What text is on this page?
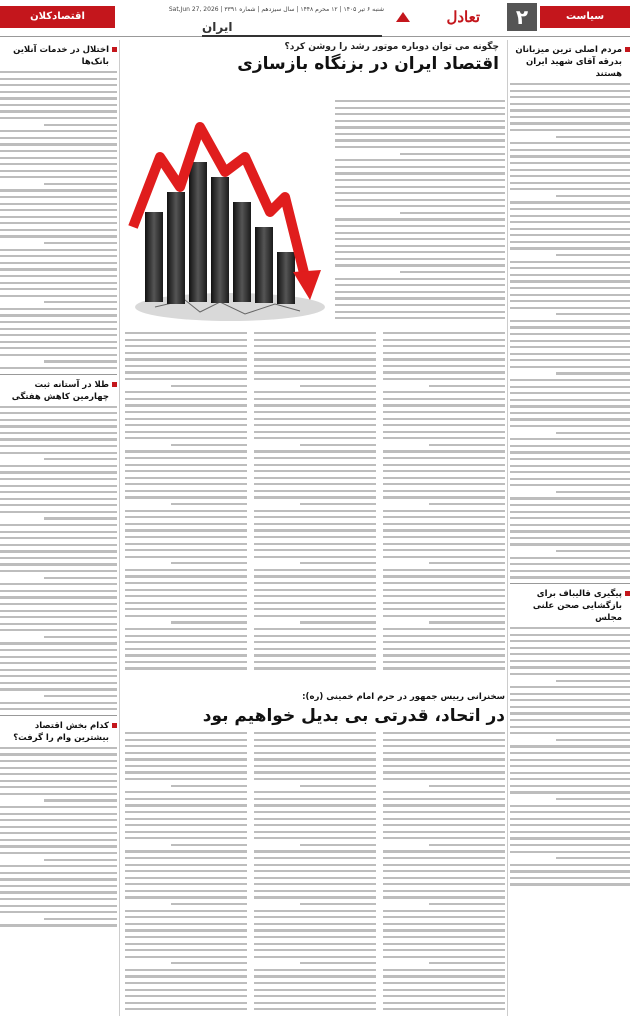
سیاست
۲
تعادل
شنبه ۶ تیر ۱۴۰۵ | ۱۲ محرم ۱۴۴۸ | سال سیزدهم | شماره ۳۳۹۱ | Sat,Jun 27, 2026
ایران
اقتصادکلان
مردم اصلی ترین میزبانان بدرقه آقای شهید ایران هستند
پیگیری قالیباف برای بازگشایی صحن علنی مجلس
چگونه می توان دوباره موتور رشد را روشن کرد؟
اقتصاد ایران در بزنگاه بازسازی
سخنرانی رییس جمهور در حرم امام خمینی (ره):
در اتحاد، قدرتی بی بدیل خواهیم بود
اختلال در خدمات آنلاین بانک‌ها
طلا در آستانه ثبت چهارمین کاهش هفتگی
کدام بخش اقتصاد بیشترین وام را گرفت؟
